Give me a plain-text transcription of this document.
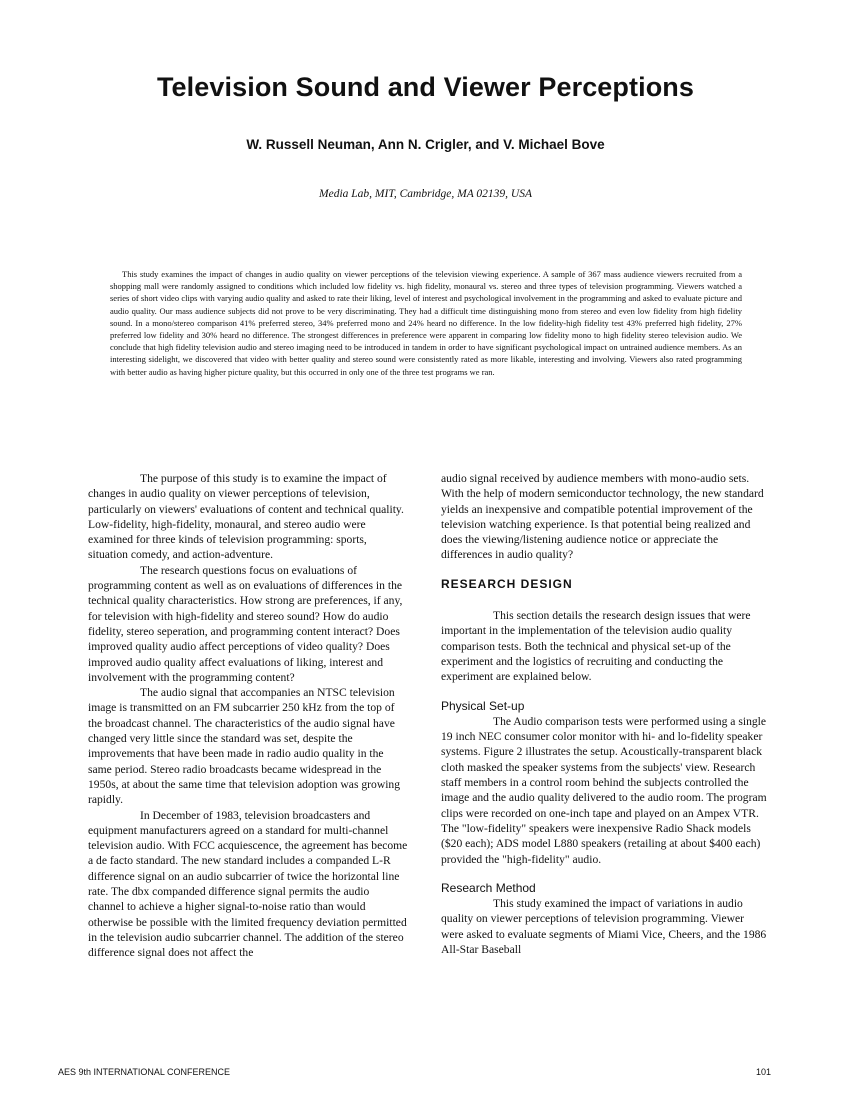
Television Sound and Viewer Perceptions
W. Russell Neuman, Ann N. Crigler, and V. Michael Bove
Media Lab, MIT, Cambridge, MA 02139, USA

This study examines the impact of changes in audio quality on viewer perceptions of the television viewing experience. A sample of 367 mass audience viewers recruited from a shopping mall were randomly assigned to conditions which included low fidelity vs. high fidelity, monaural vs. stereo and three types of television programming. Viewers watched a series of short video clips with varying audio quality and asked to rate their liking, level of interest and psychological involvement in the programming and asked to evaluate picture and audio quality. Our mass audience subjects did not prove to be very discriminating. They had a difficult time distinguishing mono from stereo and even low fidelity from high fidelity sound. In a mono/stereo comparison 41% preferred stereo, 34% preferred mono and 24% heard no difference. In the low fidelity-high fidelity test 43% preferred high fidelity, 27% preferred low fidelity and 30% heard no difference. The strongest differences in preference were apparent in comparing low fidelity mono to high fidelity stereo television audio. We conclude that high fidelity television audio and stereo imaging need to be introduced in tandem in order to have significant psychological impact on untrained audience members. As an interesting sidelight, we discovered that video with better quality and stereo sound were consistently rated as more likable, interesting and involving. Viewers also rated programming with better audio as having higher picture quality, but this occurred in only one of the three test programs we ran.

The purpose of this study is to examine the impact of changes in audio quality on viewer perceptions of television, particularly on viewers' evaluations of content and technical quality. Low-fidelity, high-fidelity, monaural, and stereo audio were examined for three kinds of television programming: sports, situation comedy, and action-adventure.

The research questions focus on evaluations of programming content as well as on evaluations of differences in the technical quality characteristics. How strong are preferences, if any, for television with high-fidelity and stereo sound? How do audio fidelity, stereo seperation, and programming content interact? Does improved quality audio affect perceptions of video quality? Does improved audio quality affect evaluations of liking, interest and involvement with the programming content?

The audio signal that accompanies an NTSC television image is transmitted on an FM subcarrier 250 kHz from the top of the broadcast channel. The characteristics of the audio signal have changed very little since the standard was set, despite the improvements that have been made in radio audio quality in the same period. Stereo radio broadcasts became widespread in the 1950s, at about the same time that television adoption was growing rapidly.

In December of 1983, television broadcasters and equipment manufacturers agreed on a standard for multi-channel television audio. With FCC acquiescence, the agreement has become a de facto standard. The new standard includes a companded L-R difference signal on an audio subcarrier of twice the horizontal line rate. The dbx companded difference signal permits the audio channel to achieve a higher signal-to-noise ratio than would otherwise be possible with the limited frequency deviation permitted in the television audio subcarrier channel. The addition of the stereo difference signal does not affect the

audio signal received by audience members with mono-audio sets. With the help of modern semiconductor technology, the new standard yields an inexpensive and compatible potential improvement of the television watching experience. Is that potential being realized and does the viewing/listening audience notice or appreciate the differences in audio quality?

RESEARCH DESIGN

This section details the research design issues that were important in the implementation of the television audio quality comparison tests. Both the technical and physical set-up of the experiment and the logistics of recruiting and conducting the experiment are explained below.

Physical Set-up

The Audio comparison tests were performed using a single 19 inch NEC consumer color monitor with hi- and lo-fidelity speaker systems. Figure 2 illustrates the setup. Acoustically-transparent black cloth masked the speaker systems from the subjects' view. Research staff members in a control room behind the subjects controlled the image and the audio quality delivered to the audio room. The program clips were recorded on one-inch tape and played on an Ampex VTR. The "low-fidelity" speakers were inexpensive Radio Shack models ($20 each); ADS model L880 speakers (retailing at about $400 each) provided the "high-fidelity" audio.

Research Method

This study examined the impact of variations in audio quality on viewer perceptions of television programming. Viewer were asked to evaluate segments of Miami Vice, Cheers, and the 1986 All-Star Baseball

AES 9th INTERNATIONAL CONFERENCE	101
